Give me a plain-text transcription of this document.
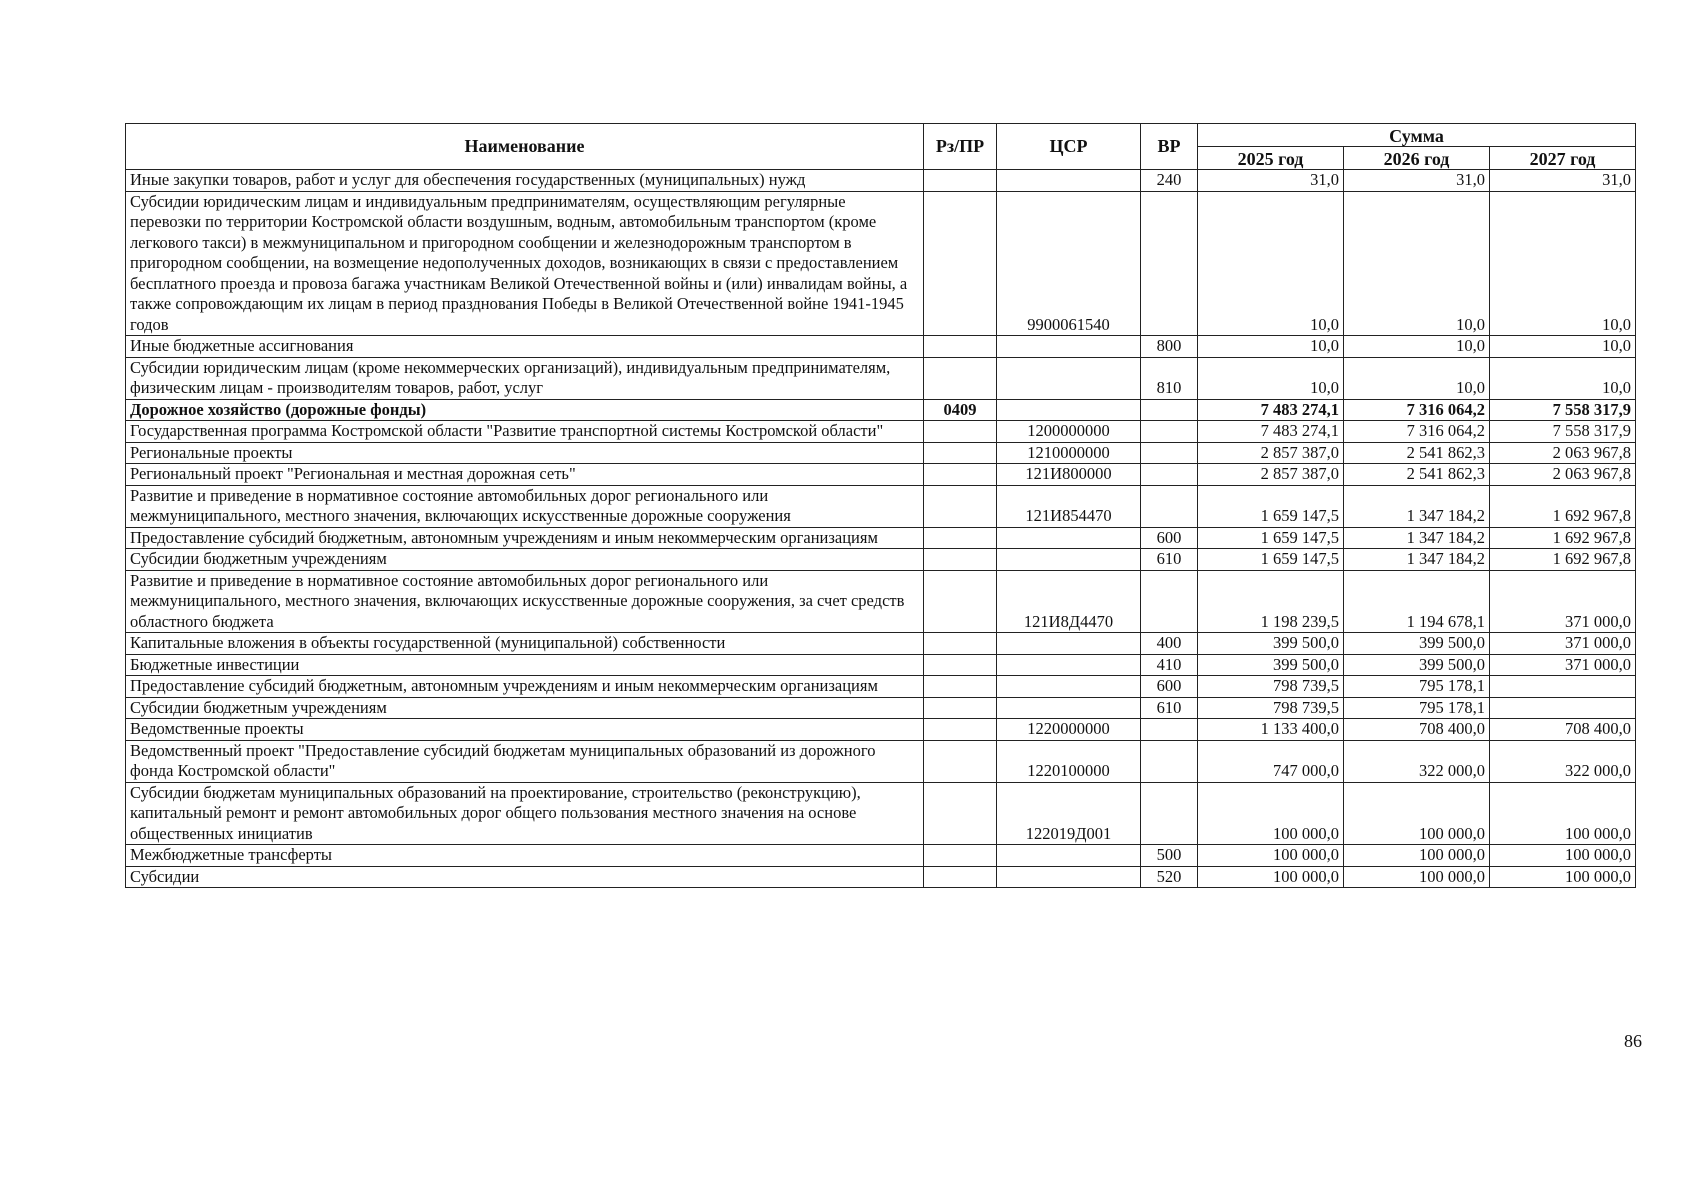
Наименование	Рз/ПР	ЦСР	ВР	Сумма		
				2025 год	2026 год	2027 год
Иные закупки товаров, работ и услуг для обеспечения государственных (муниципальных) нужд			240	31,0	31,0	31,0
Субсидии юридическим лицам и индивидуальным предпринимателям, осуществляющим регулярные перевозки по территории Костромской области воздушным, водным, автомобильным транспортом (кроме легкового такси) в межмуниципальном и пригородном сообщении и железнодорожным транспортом в пригородном сообщении, на возмещение недополученных доходов, возникающих в связи с предоставлением бесплатного проезда и провоза багажа участникам Великой Отечественной войны и (или) инвалидам войны, а также сопровождающим их лицам в период празднования Победы в Великой Отечественной войне 1941-1945 годов		9900061540		10,0	10,0	10,0
Иные бюджетные ассигнования			800	10,0	10,0	10,0
Субсидии юридическим лицам (кроме некоммерческих организаций), индивидуальным предпринимателям, физическим лицам - производителям товаров, работ, услуг			810	10,0	10,0	10,0
Дорожное хозяйство (дорожные фонды)	0409			7 483 274,1	7 316 064,2	7 558 317,9
Государственная программа Костромской области "Развитие транспортной системы Костромской области"		1200000000		7 483 274,1	7 316 064,2	7 558 317,9
Региональные проекты		1210000000		2 857 387,0	2 541 862,3	2 063 967,8
Региональный проект "Региональная и местная дорожная сеть"		121И800000		2 857 387,0	2 541 862,3	2 063 967,8
Развитие и приведение в нормативное состояние автомобильных дорог регионального или межмуниципального, местного значения, включающих искусственные дорожные сооружения		121И854470		1 659 147,5	1 347 184,2	1 692 967,8
Предоставление субсидий бюджетным, автономным учреждениям и иным некоммерческим организациям			600	1 659 147,5	1 347 184,2	1 692 967,8
Субсидии бюджетным учреждениям			610	1 659 147,5	1 347 184,2	1 692 967,8
Развитие и приведение в нормативное состояние автомобильных дорог регионального или межмуниципального, местного значения, включающих искусственные дорожные сооружения, за счет средств областного бюджета		121И8Д4470		1 198 239,5	1 194 678,1	371 000,0
Капитальные вложения в объекты государственной (муниципальной) собственности			400	399 500,0	399 500,0	371 000,0
Бюджетные инвестиции			410	399 500,0	399 500,0	371 000,0
Предоставление субсидий бюджетным, автономным учреждениям и иным некоммерческим организациям			600	798 739,5	795 178,1	
Субсидии бюджетным учреждениям			610	798 739,5	795 178,1	
Ведомственные проекты		1220000000		1 133 400,0	708 400,0	708 400,0
Ведомственный проект "Предоставление субсидий бюджетам муниципальных образований из дорожного фонда Костромской области"		1220100000		747 000,0	322 000,0	322 000,0
Субсидии бюджетам муниципальных образований на проектирование, строительство (реконструкцию), капитальный ремонт и ремонт автомобильных дорог общего пользования местного значения на основе общественных инициатив		122019Д001		100 000,0	100 000,0	100 000,0
Межбюджетные трансферты			500	100 000,0	100 000,0	100 000,0
Субсидии			520	100 000,0	100 000,0	100 000,0
86
